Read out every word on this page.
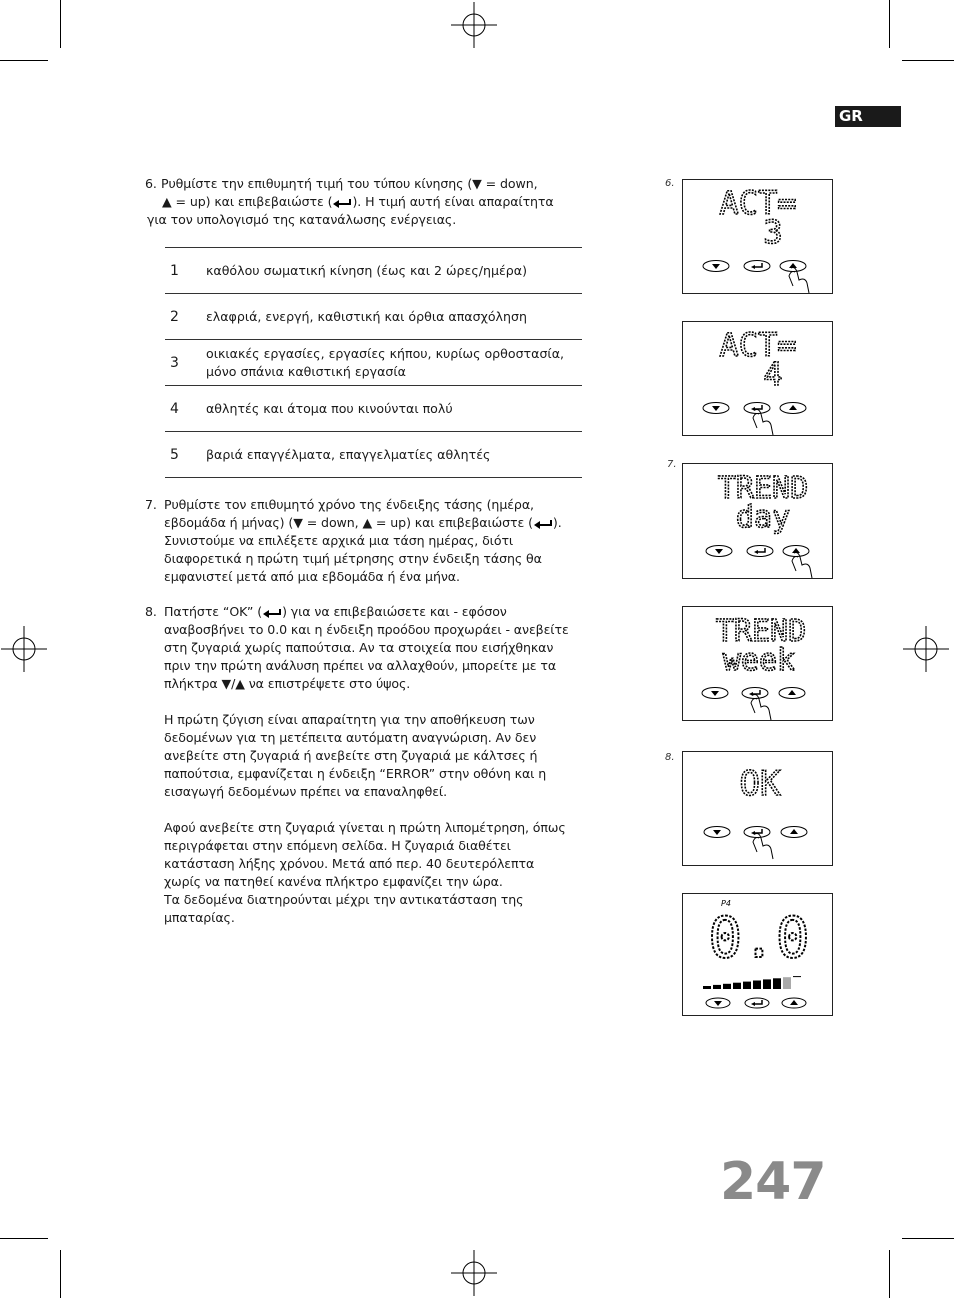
GR
6. Ρυθμίστε την επιθυμητή τιμή του τύπου κίνησης (▼ = down,
▲ = up) και επιβεβαιώστε ( ). Η τιμή αυτή είναι απαραίτητα
για τον υπολογισμό της κατανάλωσης ενέργειας.
1 καθόλου σωματική κίνηση (έως και 2 ώρες/ημέρα)
2 ελαφριά, ενεργή, καθιστική και όρθια απασχόληση
3
οικιακές εργασίες, εργασίες κήπου, κυρίως ορθοστασία,
μόνο σπάνια καθιστική εργασία
4 αθλητές και άτομα που κινούνται πολύ
5 βαριά επαγγέλματα, επαγγελματίες αθλητές
7. Ρυθμίστε τον επιθυμητό χρόνο της ένδειξης τάσης (ημέρα,
εβδομάδα ή μήνας) (▼ = down, ▲ = up) και επιβεβαιώστε ( ).
Συνιστούμε να επιλέξετε αρχικά μια τάση ημέρας, διότι
διαφορετικά η πρώτη τιμή μέτρησης στην ένδειξη τάσης θα
εμφανιστεί μετά από μια εβδομάδα ή ένα μήνα.
8. Πατήστε “OK” ( ) για να επιβεβαιώσετε και - εφόσον
αναβοσβήνει το 0.0 και η ένδειξη προόδου προχωράει - ανεβείτε
στη ζυγαριά χωρίς παπούτσια. Αν τα στοιχεία που εισήχθηκαν
πριν την πρώτη ανάλυση πρέπει να αλλαχθούν, μπορείτε με τα
πλήκτρα ▼/▲ να επιστρέψετε στο ύψος.
Η πρώτη ζύγιση είναι απαραίτητη για την αποθήκευση των
δεδομένων για τη μετέπειτα αυτόματη αναγνώριση. Αν δεν
ανεβείτε στη ζυγαριά ή ανεβείτε στη ζυγαριά με κάλτσες ή
παπούτσια, εμφανίζεται η ένδειξη “ERROR” στην οθόνη και η
εισαγωγή δεδομένων πρέπει να επαναληφθεί.
Αφού ανεβείτε στη ζυγαριά γίνεται η πρώτη λιπομέτρηση, όπως
περιγράφεται στην επόμενη σελίδα. Η ζυγαριά διαθέτει
κατάσταση λήξης χρόνου. Μετά από περ. 40 δευτερόλεπτα
χωρίς να πατηθεί κανένα πλήκτρο εμφανίζει την ώρα.
Τα δεδομένα διατηρούνται μέχρι την αντικατάσταση της
μπαταρίας.
6.
7.
8.
ACT=
3
ACT=
4
TREND
day
TREND
week
OK
P4
0.0
247
